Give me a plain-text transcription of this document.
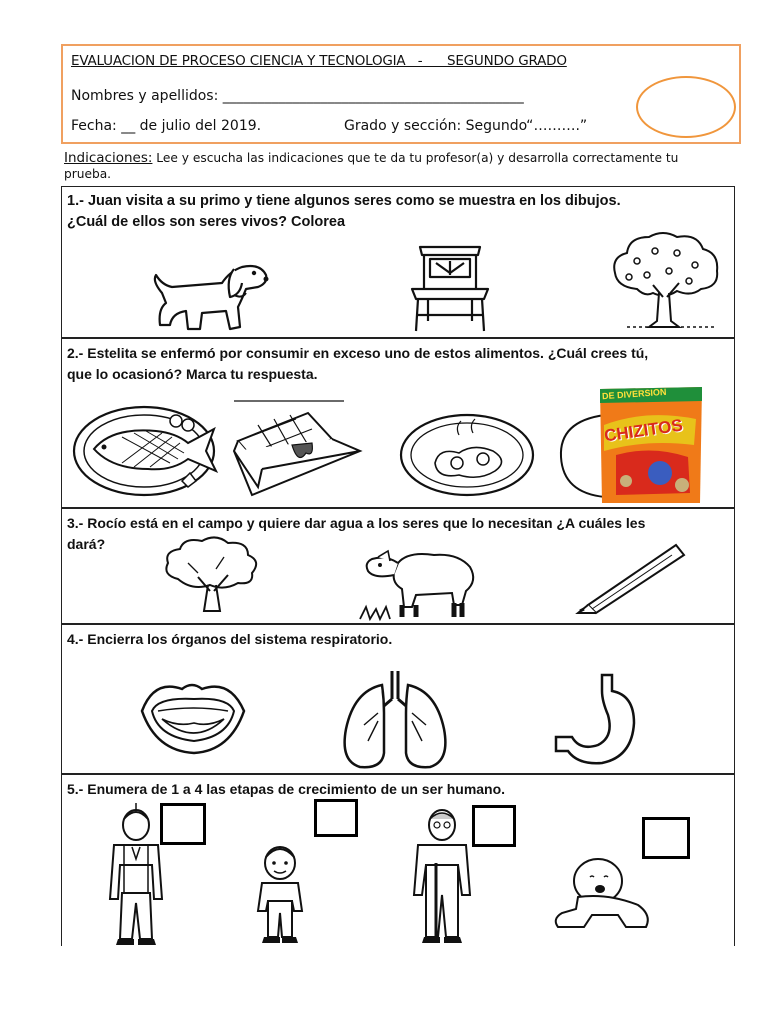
EVALUACION DE PROCESO CIENCIA Y TECNOLOGIA   -      SEGUNDO GRADO
Nombres y apellidos: ___________________________________________
Fecha: __ de julio del 2019.	Grado y sección: Segundo“……….”
Indicaciones: Lee y escucha las indicaciones que te da tu profesor(a) y desarrolla correctamente tu prueba.
1.- Juan visita a su primo y tiene algunos seres como se muestra en los dibujos. ¿Cuál de ellos son seres vivos? Colorea
2.- Estelita se enfermó por consumir en exceso uno de estos alimentos. ¿Cuál crees tú, que lo ocasionó? Marca tu respuesta.
DE DIVERSION
CHIZITOS
3.- Rocío está en el campo y quiere dar agua a los seres que lo necesitan ¿A cuáles les dará?
4.- Encierra los órganos del sistema respiratorio.
5.- Enumera de 1 a 4 las etapas de crecimiento de un ser humano.
